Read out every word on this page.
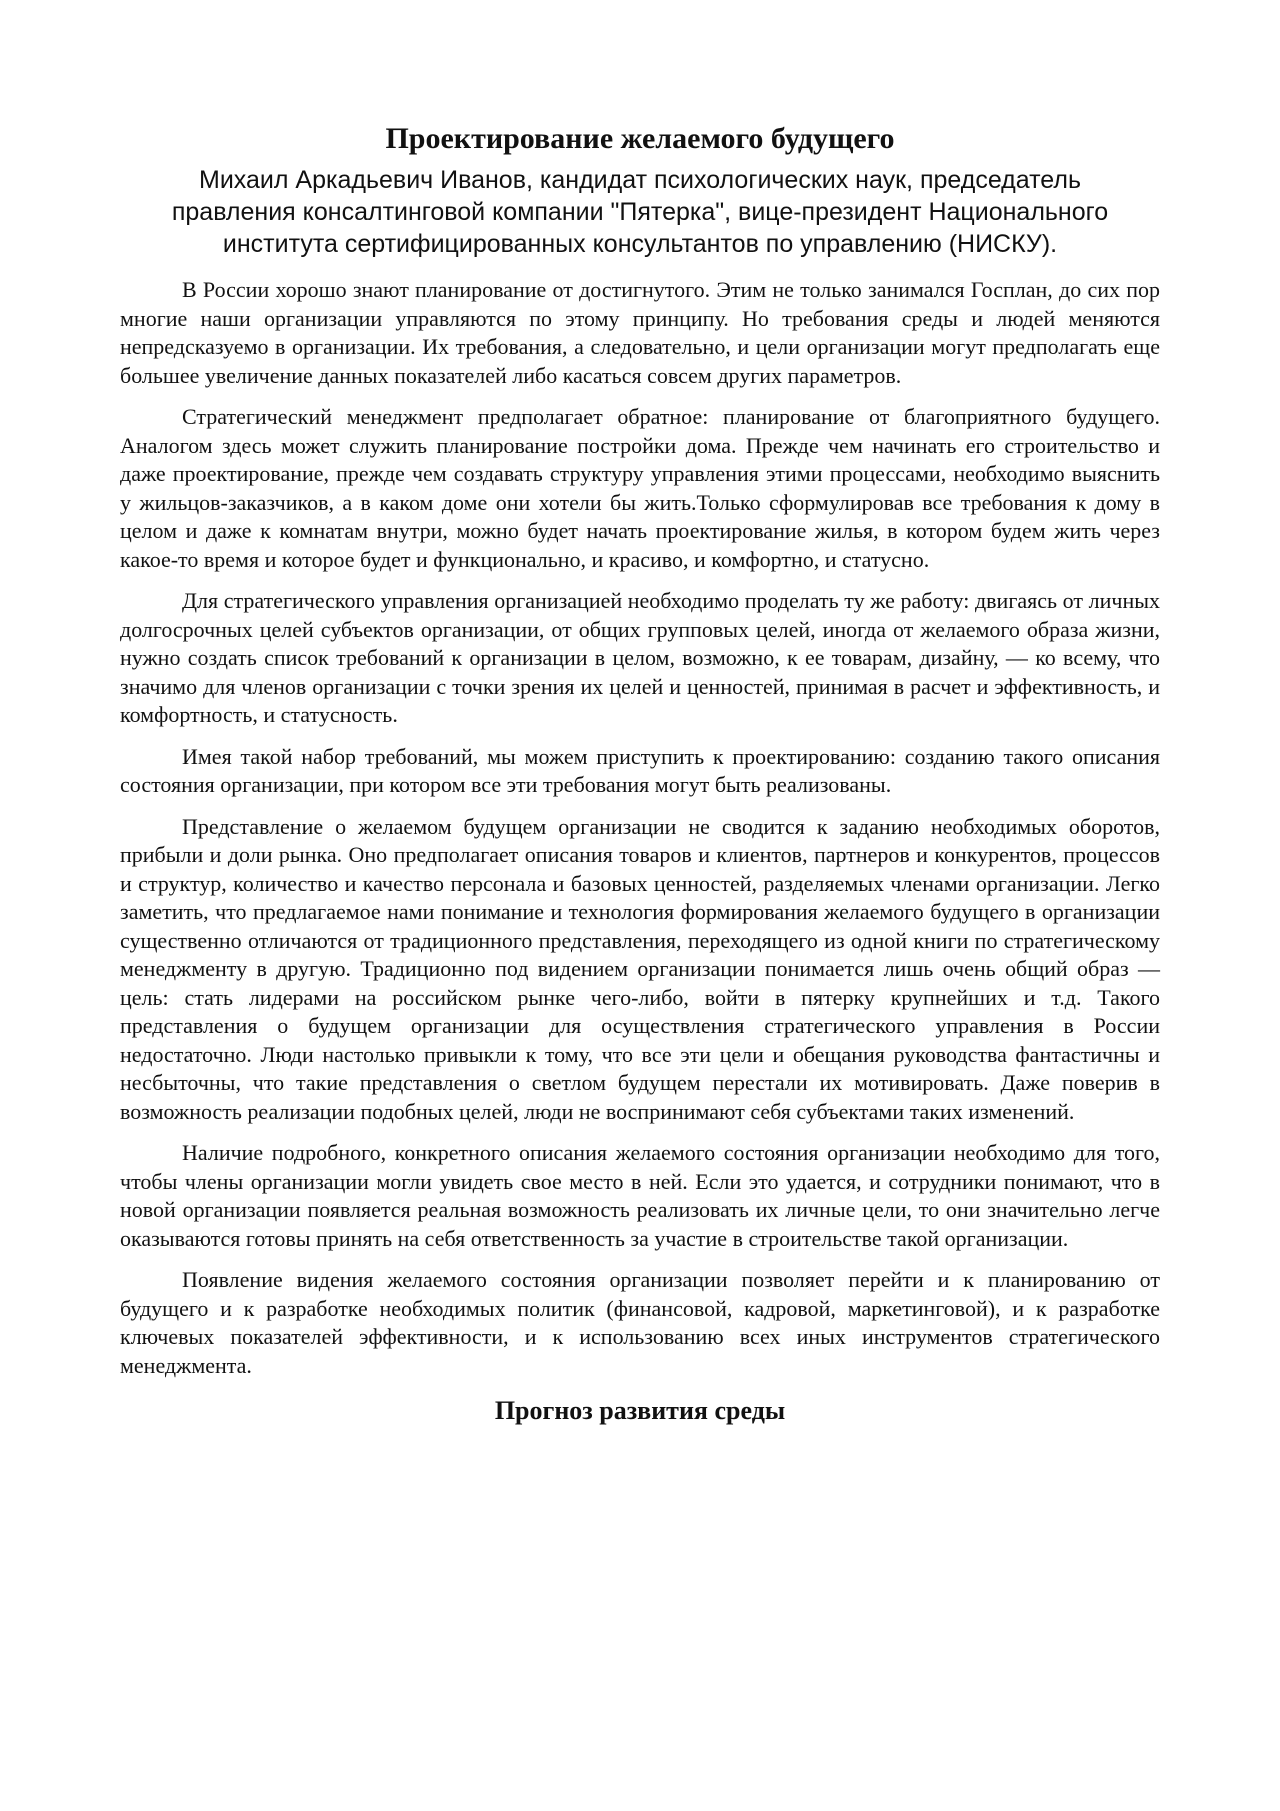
Проектирование желаемого будущего

Михаил Аркадьевич Иванов, кандидат психологических наук, председатель правления консалтинговой компании "Пятерка", вице-президент Национального института сертифицированных консультантов по управлению (НИСКУ).

В России хорошо знают планирование от достигнутого. Этим не только занимался Госплан, до сих пор многие наши организации управляются по этому принципу. Но требования среды и людей меняются непредсказуемо в организации. Их требования, а следовательно, и цели организации могут предполагать еще большее увеличение данных показателей либо касаться совсем других параметров.

Стратегический менеджмент предполагает обратное: планирование от благоприятного будущего. Аналогом здесь может служить планирование постройки дома. Прежде чем начинать его строительство и даже проектирование, прежде чем создавать структуру управления этими процессами, необходимо выяснить у жильцов-заказчиков, а в каком доме они хотели бы жить.Только сформулировав все требования к дому в целом и даже к комнатам внутри, можно будет начать проектирование жилья, в котором будем жить через какое-то время и которое будет и функционально, и красиво, и комфортно, и статусно.

Для стратегического управления организацией необходимо проделать ту же работу: двигаясь от личных долгосрочных целей субъектов организации, от общих групповых целей, иногда от желаемого образа жизни, нужно создать список требований к организации в целом, возможно, к ее товарам, дизайну, — ко всему, что значимо для членов организации с точки зрения их целей и ценностей, принимая в расчет и эффективность, и комфортность, и статусность.

Имея такой набор требований, мы можем приступить к проектированию: созданию такого описания состояния организации, при котором все эти требования могут быть реализованы.

Представление о желаемом будущем организации не сводится к заданию необходимых оборотов, прибыли и доли рынка. Оно предполагает описания товаров и клиентов, партнеров и конкурентов, процессов и структур, количество и качество персонала и базовых ценностей, разделяемых членами организации. Легко заметить, что предлагаемое нами понимание и технология формирования желаемого будущего в организации существенно отличаются от традиционного представления, переходящего из одной книги по стратегическому менеджменту в другую. Традиционно под видением организации понимается лишь очень общий образ — цель: стать лидерами на российском рынке чего-либо, войти в пятерку крупнейших и т.д. Такого представления о будущем организации для осуществления стратегического управления в России недостаточно. Люди настолько привыкли к тому, что все эти цели и обещания руководства фантастичны и несбыточны, что такие представления о светлом будущем перестали их мотивировать. Даже поверив в возможность реализации подобных целей, люди не воспринимают себя субъектами таких изменений.

Наличие подробного, конкретного описания желаемого состояния организации необходимо для того, чтобы члены организации могли увидеть свое место в ней. Если это удается, и сотрудники понимают, что в новой организации появляется реальная возможность реализовать их личные цели, то они значительно легче оказываются готовы принять на себя ответственность за участие в строительстве такой организации.

Появление видения желаемого состояния организации позволяет перейти и к планированию от будущего и к разработке необходимых политик (финансовой, кадровой, маркетинговой), и к разработке ключевых показателей эффективности, и к использованию всех иных инструментов стратегического менеджмента.

Прогноз развития среды
